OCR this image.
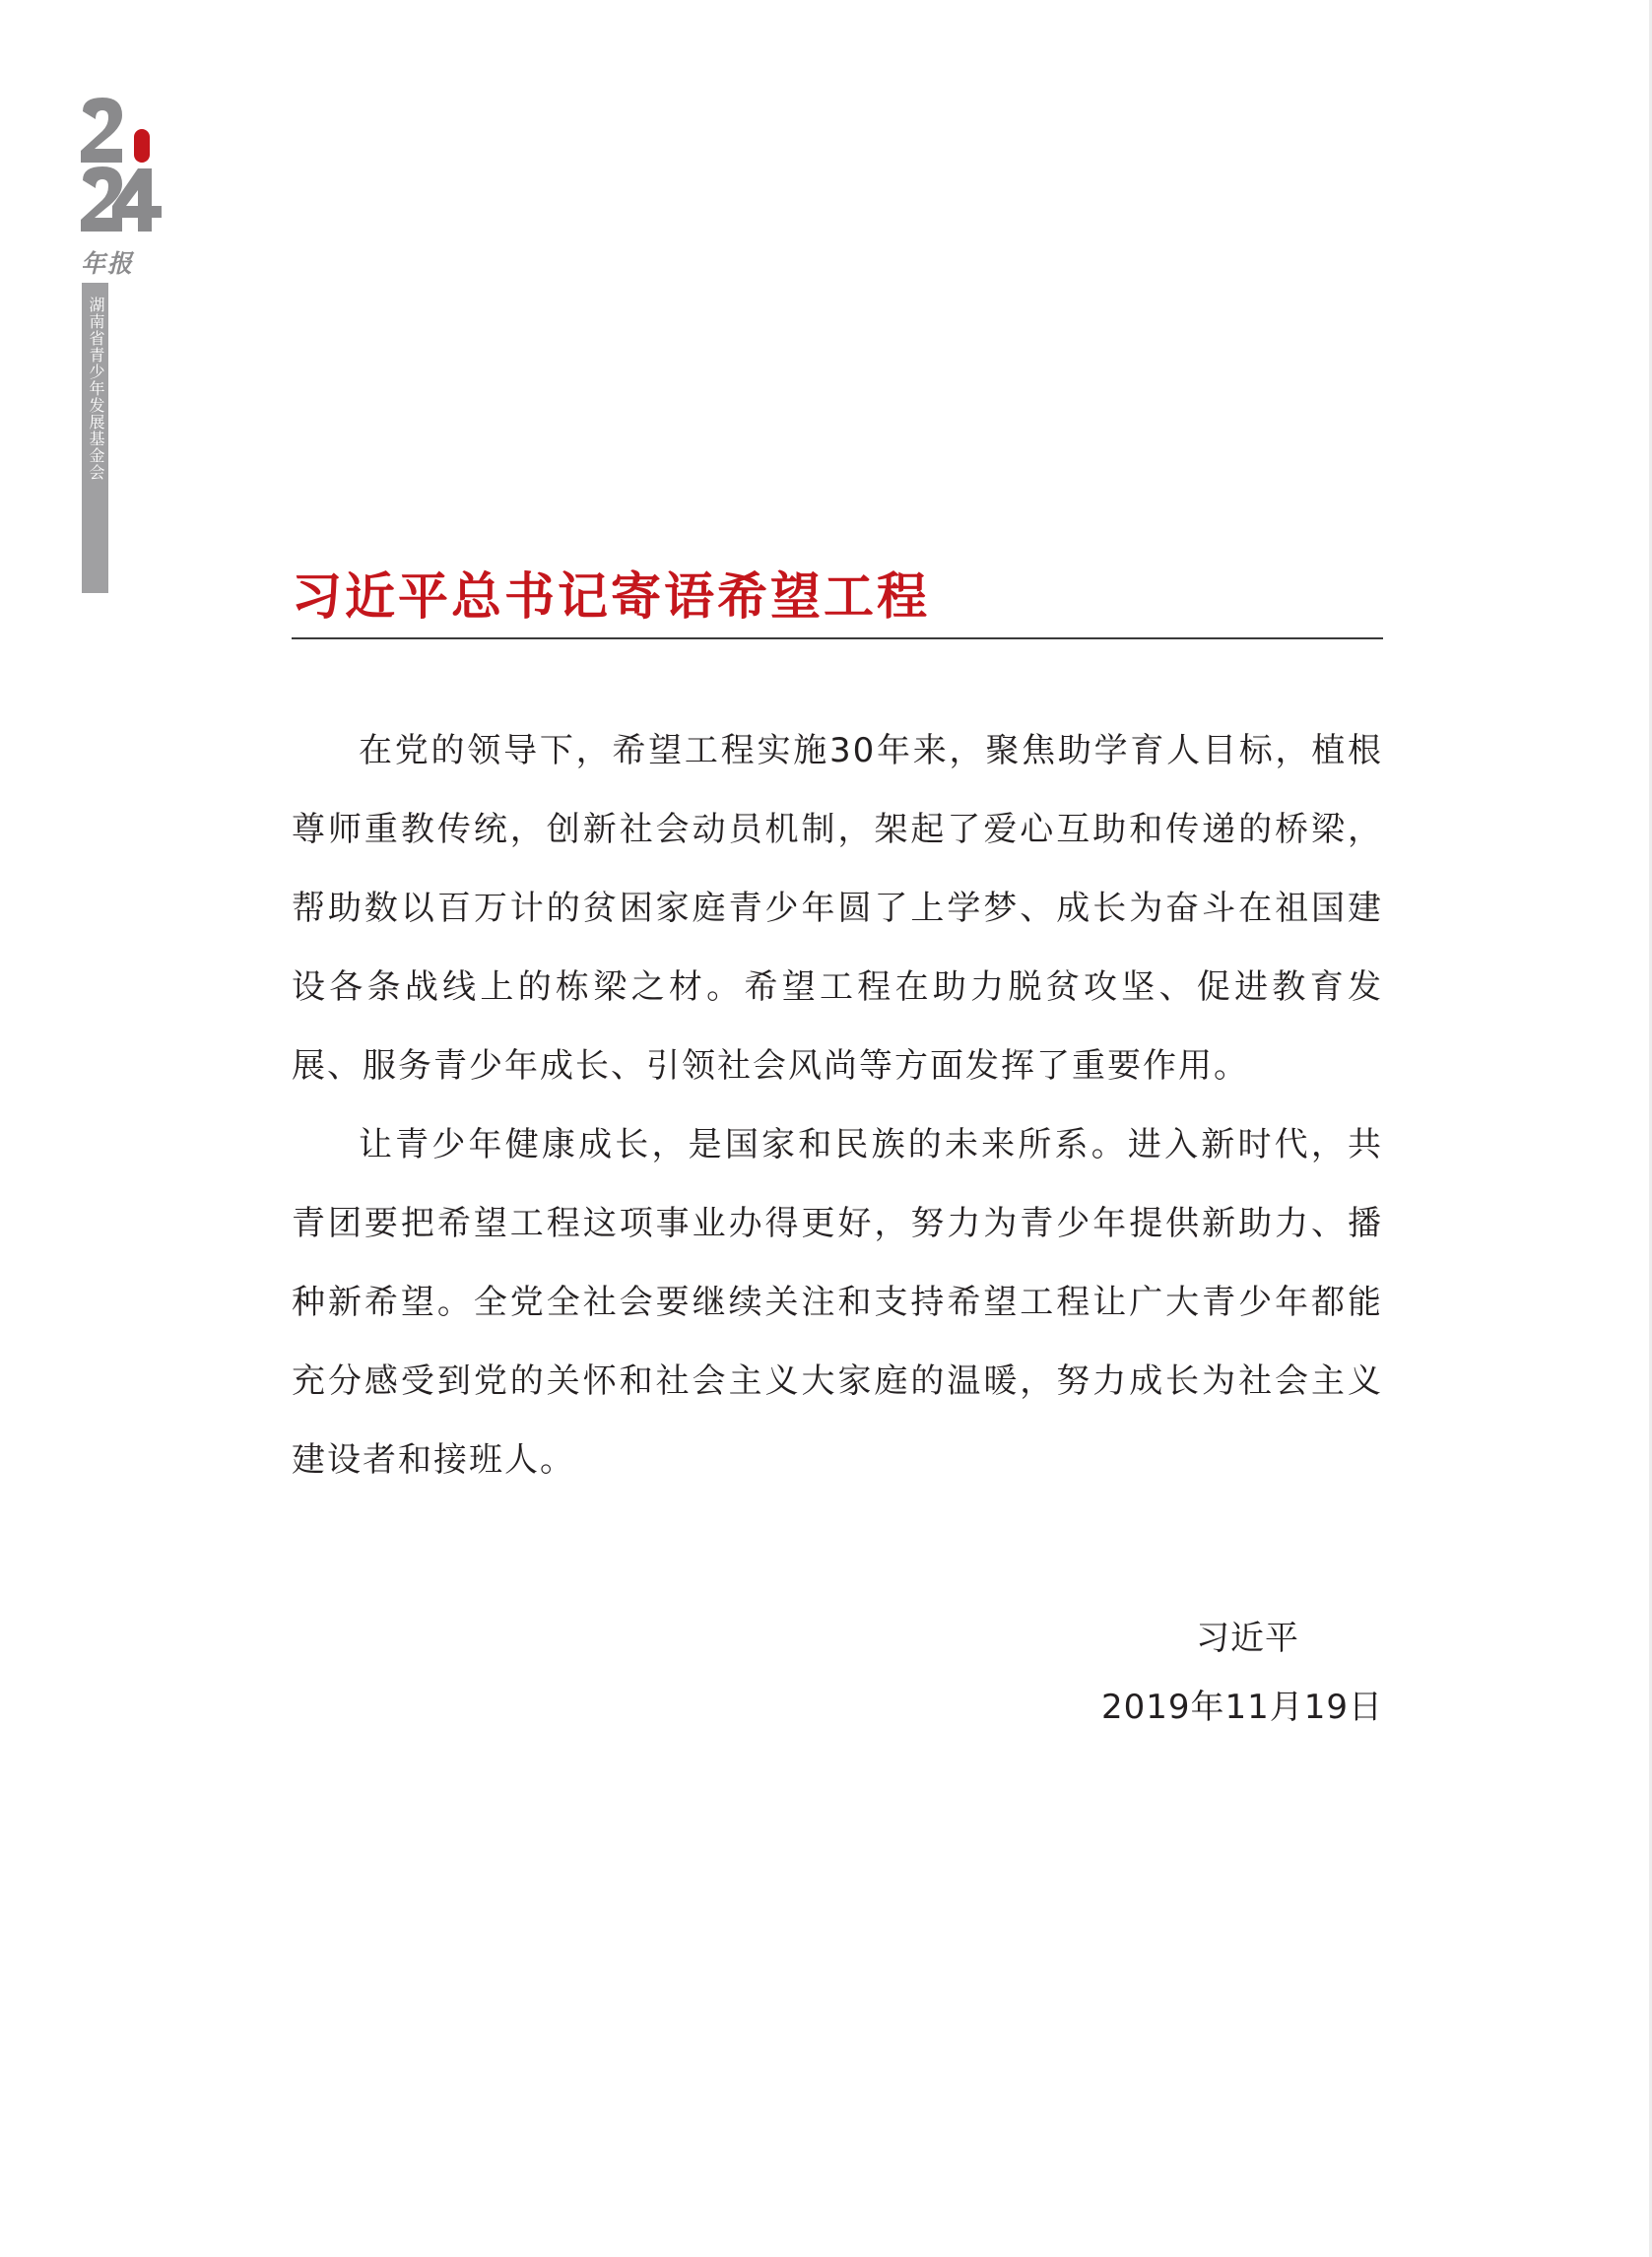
年报
湖南省青少年发展基金会
习近平总书记寄语希望工程

在党的领导下，希望工程实施30年来，聚焦助学育人目标，植根尊师重教传统，创新社会动员机制，架起了爱心互助和传递的桥梁，帮助数以百万计的贫困家庭青少年圆了上学梦、成长为奋斗在祖国建设各条战线上的栋梁之材。希望工程在助力脱贫攻坚、促进教育发展、服务青少年成长、引领社会风尚等方面发挥了重要作用。

让青少年健康成长，是国家和民族的未来所系。进入新时代，共青团要把希望工程这项事业办得更好，努力为青少年提供新助力、播种新希望。全党全社会要继续关注和支持希望工程让广大青少年都能充分感受到党的关怀和社会主义大家庭的温暖，努力成长为社会主义建设者和接班人。

习近平
2019年11月19日
